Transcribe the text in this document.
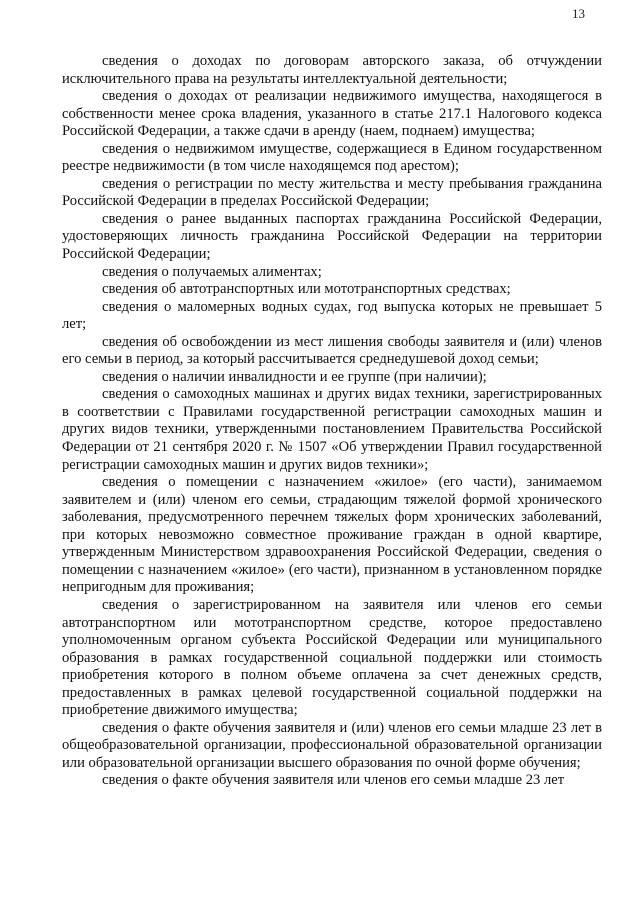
13

сведения о доходах по договорам авторского заказа, об отчуждении исключительного права на результаты интеллектуальной деятельности;

сведения о доходах от реализации недвижимого имущества, находящегося в собственности менее срока владения, указанного в статье 217.1 Налогового кодекса Российской Федерации, а также сдачи в аренду (наем, поднаем) имущества;

сведения о недвижимом имуществе, содержащиеся в Едином государственном реестре недвижимости (в том числе находящемся под арестом);

сведения о регистрации по месту жительства и месту пребывания гражданина Российской Федерации в пределах Российской Федерации;

сведения о ранее выданных паспортах гражданина Российской Федерации, удостоверяющих личность гражданина Российской Федерации на территории Российской Федерации;

сведения о получаемых алиментах;

сведения об автотранспортных или мототранспортных средствах;

сведения о маломерных водных судах, год выпуска которых не превышает 5 лет;

сведения об освобождении из мест лишения свободы заявителя и (или) членов его семьи в период, за который рассчитывается среднедушевой доход семьи;

сведения о наличии инвалидности и ее группе (при наличии);

сведения о самоходных машинах и других видах техники, зарегистрированных в соответствии с Правилами государственной регистрации самоходных машин и других видов техники, утвержденными постановлением Правительства Российской Федерации от 21 сентября 2020 г. № 1507 «Об утверждении Правил государственной регистрации самоходных машин и других видов техники»;

сведения о помещении с назначением «жилое» (его части), занимаемом заявителем и (или) членом его семьи, страдающим тяжелой формой хронического заболевания, предусмотренного перечнем тяжелых форм хронических заболеваний, при которых невозможно совместное проживание граждан в одной квартире, утвержденным Министерством здравоохранения Российской Федерации, сведения о помещении с назначением «жилое» (его части), признанном в установленном порядке непригодным для проживания;

сведения о зарегистрированном на заявителя или членов его семьи автотранспортном или мототранспортном средстве, которое предоставлено уполномоченным органом субъекта Российской Федерации или муниципального образования в рамках государственной социальной поддержки или стоимость приобретения которого в полном объеме оплачена за счет денежных средств, предоставленных в рамках целевой государственной социальной поддержки на приобретение движимого имущества;

сведения о факте обучения заявителя и (или) членов его семьи младше 23 лет в общеобразовательной организации, профессиональной образовательной организации или образовательной организации высшего образования по очной форме обучения;

сведения о факте обучения заявителя или членов его семьи младше 23 лет
